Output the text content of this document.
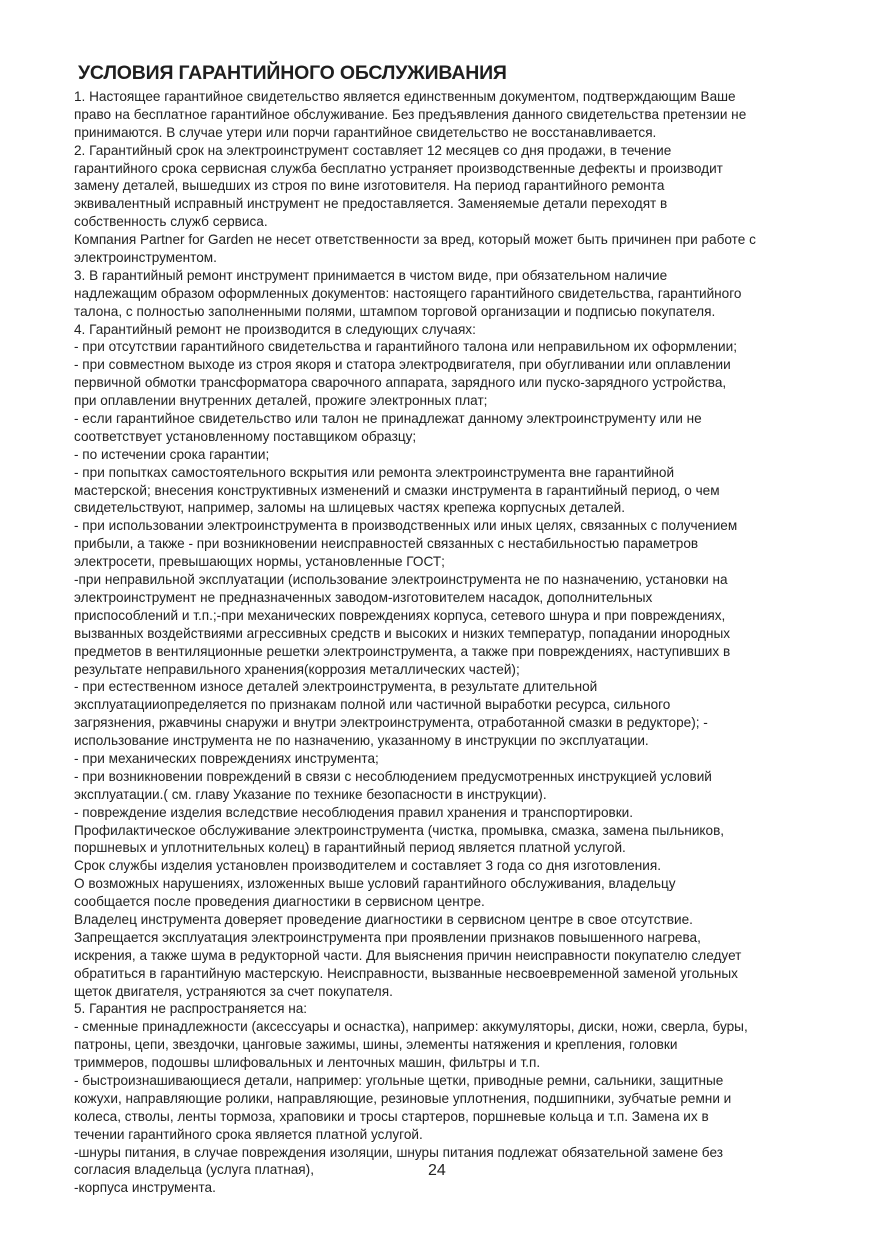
УСЛОВИЯ ГАРАНТИЙНОГО ОБСЛУЖИВАНИЯ
1. Настоящее гарантийное свидетельство является единственным документом, подтверждающим Ваше
право на бесплатное гарантийное обслуживание. Без предъявления данного свидетельства претензии не
принимаются. В случае утери или порчи гарантийное свидетельство не восстанавливается.
2. Гарантийный срок на электроинструмент составляет 12 месяцев со дня продажи, в течение
гарантийного срока сервисная служба бесплатно устраняет производственные дефекты и производит
замену деталей, вышедших из строя по вине изготовителя. На период гарантийного ремонта
эквивалентный исправный инструмент не предоставляется. Заменяемые детали переходят в
собственность служб сервиса.
Компания Partner for Garden не несет ответственности за вред, который может быть причинен при работе с
электроинструментом.
3. В гарантийный ремонт инструмент принимается в чистом виде, при обязательном наличие
надлежащим образом оформленных документов: настоящего гарантийного свидетельства, гарантийного
талона, с полностью заполненными полями, штампом торговой организации и подписью покупателя.
4. Гарантийный ремонт не производится в следующих случаях:
- при отсутствии гарантийного свидетельства и гарантийного талона или неправильном их оформлении;
- при совместном выходе из строя якоря и статора электродвигателя, при обугливании или оплавлении
первичной обмотки трансформатора сварочного аппарата, зарядного или пуско-зарядного устройства,
при оплавлении внутренних деталей, прожиге электронных плат;
- если гарантийное свидетельство или талон не принадлежат данному электроинструменту или не
соответствует установленному поставщиком образцу;
- по истечении срока гарантии;
- при попытках самостоятельного вскрытия или ремонта электроинструмента вне гарантийной
мастерской; внесения конструктивных изменений и смазки инструмента в гарантийный период, о чем
свидетельствуют, например, заломы на шлицевых частях крепежа корпусных деталей.
- при использовании электроинструмента в производственных или иных целях, связанных с получением
прибыли, а также - при возникновении неисправностей связанных с нестабильностью параметров
электросети, превышающих нормы, установленные ГОСТ;
-при неправильной эксплуатации (использование электроинструмента не по назначению, установки на
электроинструмент не предназначенных заводом-изготовителем насадок, дополнительных
приспособлений и т.п.;-при механических повреждениях корпуса, сетевого шнура и при повреждениях,
вызванных воздействиями агрессивных средств и высоких и низких температур, попадании инородных
предметов в вентиляционные решетки электроинструмента, а также при повреждениях, наступивших в
результате неправильного хранения(коррозия металлических частей);
- при естественном износе деталей электроинструмента, в результате длительной
эксплуатацииопределяется по признакам полной или частичной выработки ресурса, сильного
загрязнения, ржавчины снаружи и внутри электроинструмента, отработанной смазки в редукторе); -
использование инструмента не по назначению, указанному в инструкции по эксплуатации.
- при механических повреждениях инструмента;
- при возникновении повреждений в связи с несоблюдением предусмотренных инструкцией условий
эксплуатации.( см. главу Указание по технике безопасности в инструкции).
- повреждение изделия вследствие несоблюдения правил хранения и транспортировки.
Профилактическое обслуживание электроинструмента (чистка, промывка, смазка, замена пыльников,
поршневых и уплотнительных колец) в гарантийный период является платной услугой.
Срок службы изделия установлен производителем и составляет 3 года со дня изготовления.
О возможных нарушениях, изложенных выше условий гарантийного обслуживания, владельцу
сообщается после проведения диагностики в сервисном центре.
Владелец инструмента доверяет проведение диагностики в сервисном центре в свое отсутствие.
Запрещается эксплуатация электроинструмента при проявлении признаков повышенного нагрева,
искрения, а также шума в редукторной части. Для выяснения причин неисправности покупателю следует
обратиться в гарантийную мастерскую. Неисправности, вызванные несвоевременной заменой угольных
щеток двигателя, устраняются за счет покупателя.
5. Гарантия не распространяется на:
- сменные принадлежности (аксессуары и оснастка), например: аккумуляторы, диски, ножи, сверла, буры,
патроны, цепи, звездочки, цанговые зажимы, шины, элементы натяжения и крепления, головки
триммеров, подошвы шлифовальных и ленточных машин, фильтры и т.п.
- быстроизнашивающиеся детали, например: угольные щетки, приводные ремни, сальники, защитные
кожухи, направляющие ролики, направляющие, резиновые уплотнения, подшипники, зубчатые ремни и
колеса, стволы, ленты тормоза, храповики и тросы стартеров, поршневые кольца и т.п. Замена их в
течении гарантийного срока является платной услугой.
-шнуры питания, в случае повреждения изоляции, шнуры питания подлежат обязательной замене без
согласия владельца (услуга платная),
-корпуса инструмента.
24
